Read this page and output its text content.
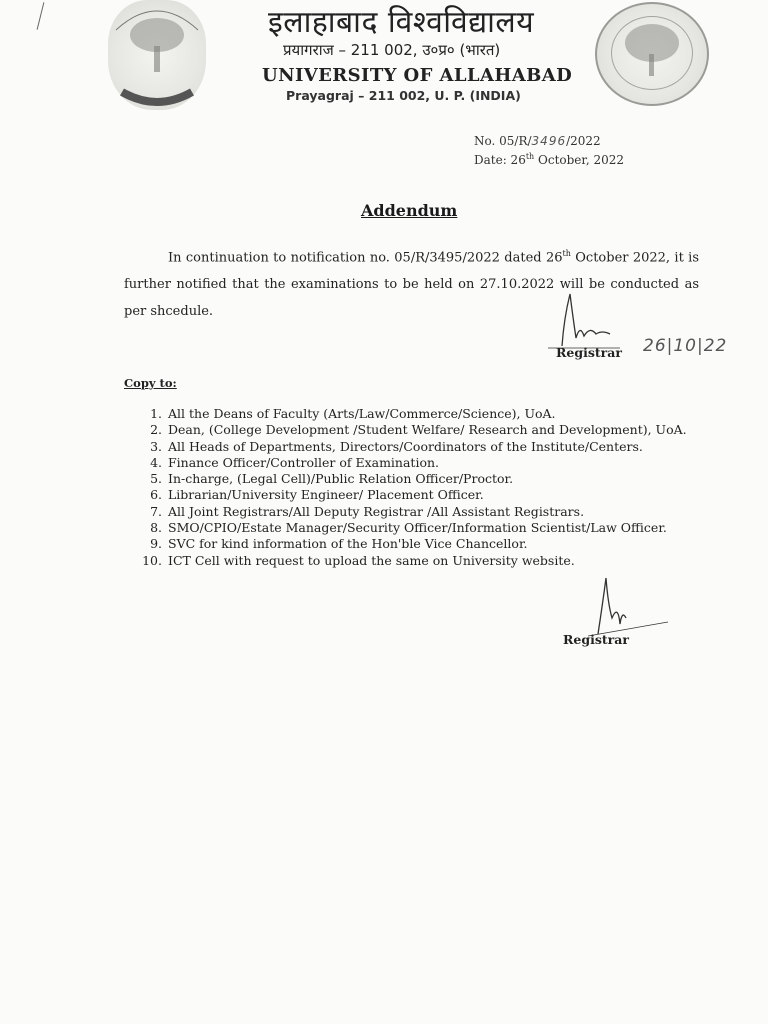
इलाहाबाद विश्वविद्यालय
प्रयागराज – 211 002, उ०प्र० (भारत)
UNIVERSITY OF ALLAHABAD
Prayagraj – 211 002, U. P. (INDIA)
No. 05/R/3496/2022
Date: 26th October, 2022
Addendum
In continuation to notification no. 05/R/3495/2022 dated 26th October 2022, it is further notified that the examinations to be held on 27.10.2022 will be conducted as per shcedule.
Registrar 26|10|22
Copy to:
1. All the Deans of Faculty (Arts/Law/Commerce/Science), UoA.
2. Dean, (College Development /Student Welfare/ Research and Development), UoA.
3. All Heads of Departments, Directors/Coordinators of the Institute/Centers.
4. Finance Officer/Controller of Examination.
5. In-charge, (Legal Cell)/Public Relation Officer/Proctor.
6. Librarian/University Engineer/ Placement Officer.
7. All Joint Registrars/All Deputy Registrar /All Assistant Registrars.
8. SMO/CPIO/Estate Manager/Security Officer/Information Scientist/Law Officer.
9. SVC for kind information of the Hon'ble Vice Chancellor.
10. ICT Cell with request to upload the same on University website.
Registrar
